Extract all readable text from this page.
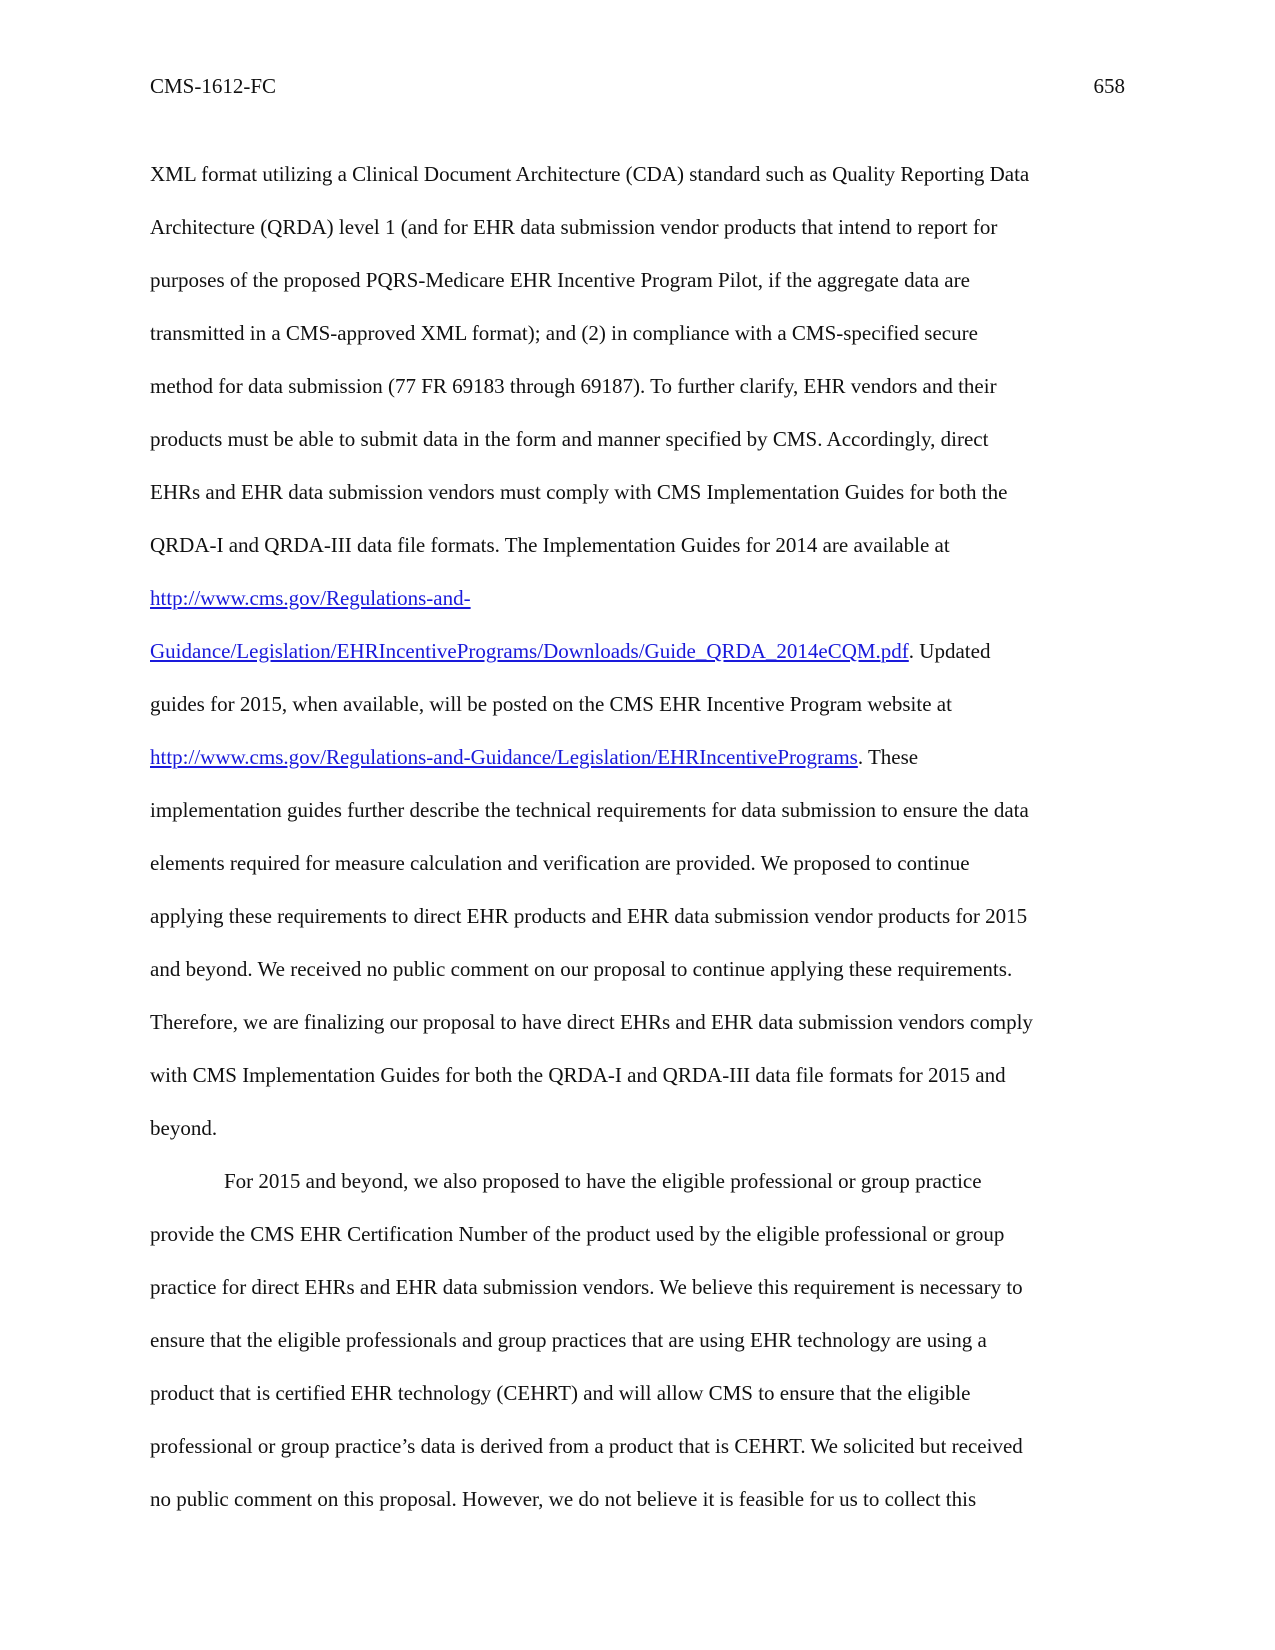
CMS-1612-FC	658
XML format utilizing a Clinical Document Architecture (CDA) standard such as Quality Reporting Data
Architecture (QRDA) level 1 (and for EHR data submission vendor products that intend to report for
purposes of the proposed PQRS-Medicare EHR Incentive Program Pilot, if the aggregate data are
transmitted in a CMS-approved XML format); and (2) in compliance with a CMS-specified secure
method for data submission (77 FR 69183 through 69187). To further clarify, EHR vendors and their
products must be able to submit data in the form and manner specified by CMS. Accordingly, direct
EHRs and EHR data submission vendors must comply with CMS Implementation Guides for both the
QRDA-I and QRDA-III data file formats. The Implementation Guides for 2014 are available at
http://www.cms.gov/Regulations-and-
Guidance/Legislation/EHRIncentivePrograms/Downloads/Guide_QRDA_2014eCQM.pdf. Updated
guides for 2015, when available, will be posted on the CMS EHR Incentive Program website at
http://www.cms.gov/Regulations-and-Guidance/Legislation/EHRIncentivePrograms. These
implementation guides further describe the technical requirements for data submission to ensure the data
elements required for measure calculation and verification are provided. We proposed to continue
applying these requirements to direct EHR products and EHR data submission vendor products for 2015
and beyond. We received no public comment on our proposal to continue applying these requirements.
Therefore, we are finalizing our proposal to have direct EHRs and EHR data submission vendors comply
with CMS Implementation Guides for both the QRDA-I and QRDA-III data file formats for 2015 and
beyond.
For 2015 and beyond, we also proposed to have the eligible professional or group practice
provide the CMS EHR Certification Number of the product used by the eligible professional or group
practice for direct EHRs and EHR data submission vendors. We believe this requirement is necessary to
ensure that the eligible professionals and group practices that are using EHR technology are using a
product that is certified EHR technology (CEHRT) and will allow CMS to ensure that the eligible
professional or group practice’s data is derived from a product that is CEHRT. We solicited but received
no public comment on this proposal. However, we do not believe it is feasible for us to collect this
